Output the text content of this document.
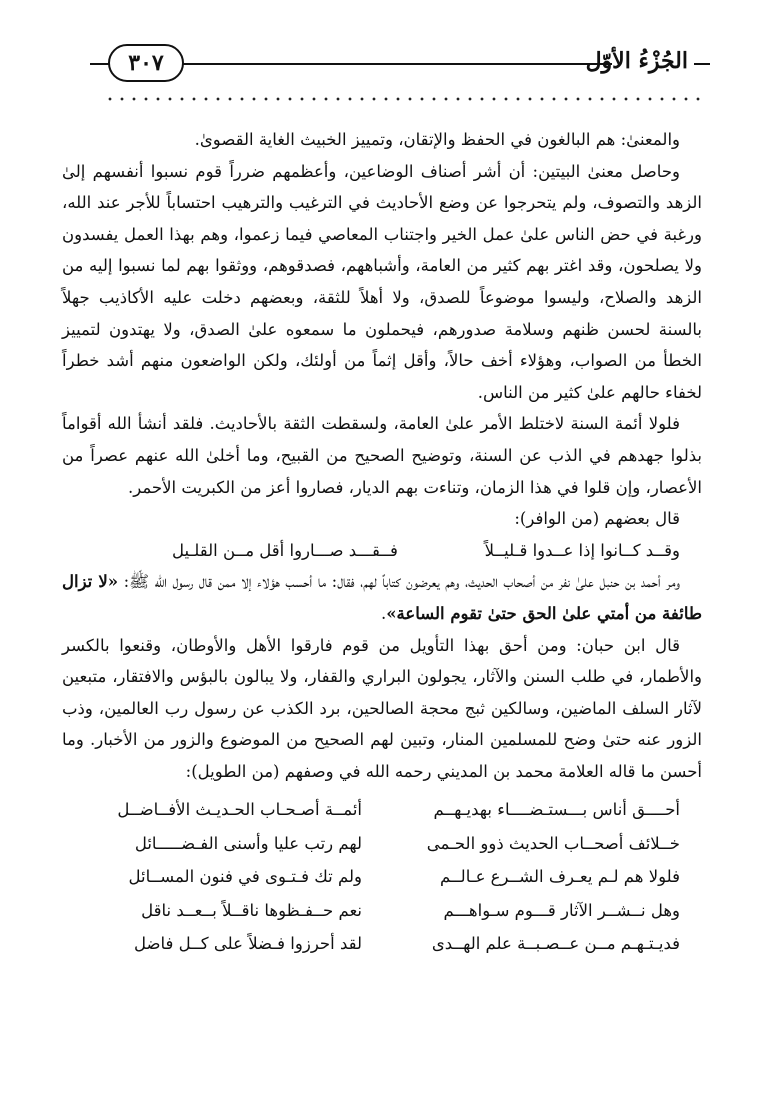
٣٠٧	الجُزْءُ الأوّل

والمعنىٰ: هم البالغون في الحفظ والإتقان، وتمييز الخبيث الغاية القصوىٰ.

وحاصل معنىٰ البيتين: أن أشر أصناف الوضاعين، وأعظمهم ضرراً قوم نسبوا أنفسهم إلىٰ الزهد والتصوف، ولم يتحرجوا عن وضع الأحاديث في الترغيب والترهيب احتساباً للأجر عند الله، ورغبة في حض الناس علىٰ عمل الخير واجتناب المعاصي فيما زعموا، وهم بهذا العمل يفسدون ولا يصلحون، وقد اغتر بهم كثير من العامة، وأشباههم، فصدقوهم، ووثقوا بهم لما نسبوا إليه من الزهد والصلاح، وليسوا موضوعاً للصدق، ولا أهلاً للثقة، وبعضهم دخلت عليه الأكاذيب جهلاً بالسنة لحسن ظنهم وسلامة صدورهم، فيحملون ما سمعوه علىٰ الصدق، ولا يهتدون لتمييز الخطأ من الصواب، وهؤلاء أخف حالاً، وأقل إثماً من أولئك، ولكن الواضعون منهم أشد خطراً لخفاء حالهم علىٰ كثير من الناس.

فلولا أئمة السنة لاختلط الأمر علىٰ العامة، ولسقطت الثقة بالأحاديث. فلقد أنشأ الله أقواماً بذلوا جهدهم في الذب عن السنة، وتوضيح الصحيح من القبيح، وما أخلىٰ الله عنهم عصراً من الأعصار، وإن قلوا في هذا الزمان، وتناءت بهم الديار، فصاروا أعز من الكبريت الأحمر.

قال بعضهم (من الوافر):

وقــد كــانوا إذا عــدوا قـليــلاً
فــقـــد صـــاروا أقل مــن القلـيل

ومر أحمد بن حنبل علىٰ نفر من أصحاب الحديث، وهم يعرضون كتاباً لهم، فقال: ما أحسب هؤلاء إلا ممن قال رسول الله ﷺ: «لا تزال طائفة من أمتي علىٰ الحق حتىٰ تقوم الساعة».

قال ابن حبان: ومن أحق بهذا التأويل من قوم فارقوا الأهل والأوطان، وقنعوا بالكسر والأطمار، في طلب السنن والآثار، يجولون البراري والقفار، ولا يبالون بالبؤس والافتقار، متبعين لآثار السلف الماضين، وسالكين ثبج محجة الصالحين، برد الكذب عن رسول رب العالمين، وذب الزور عنه حتىٰ وضح للمسلمين المنار، وتبين لهم الصحيح من الموضوع والزور من الأخبار. وما أحسن ما قاله العلامة محمد بن المديني رحمه الله في وصفهم (من الطويل):

أحــــق أناس بـــستـضــــاء بهديـهــم
أئمــة أصـحـاب الحـديـث الأفــاضــل
خــلائف أصحــاب الحديث ذوو الحـمى
لهم رتب عليا وأسنى الفـضـــــائل
فلولا هم لـم يعـرف الشــرع عـالــم
ولم تك فـتـوى في فنون المســائل
وهل نــشــر الآثار قـــوم سـواهـــم
نعم حــفـظوها ناقــلاً بــعــد ناقل
فديـتـهـم مــن عــصـبــة علم الهــدى
لقد أحرزوا فـضلاً على كــل فاضل
